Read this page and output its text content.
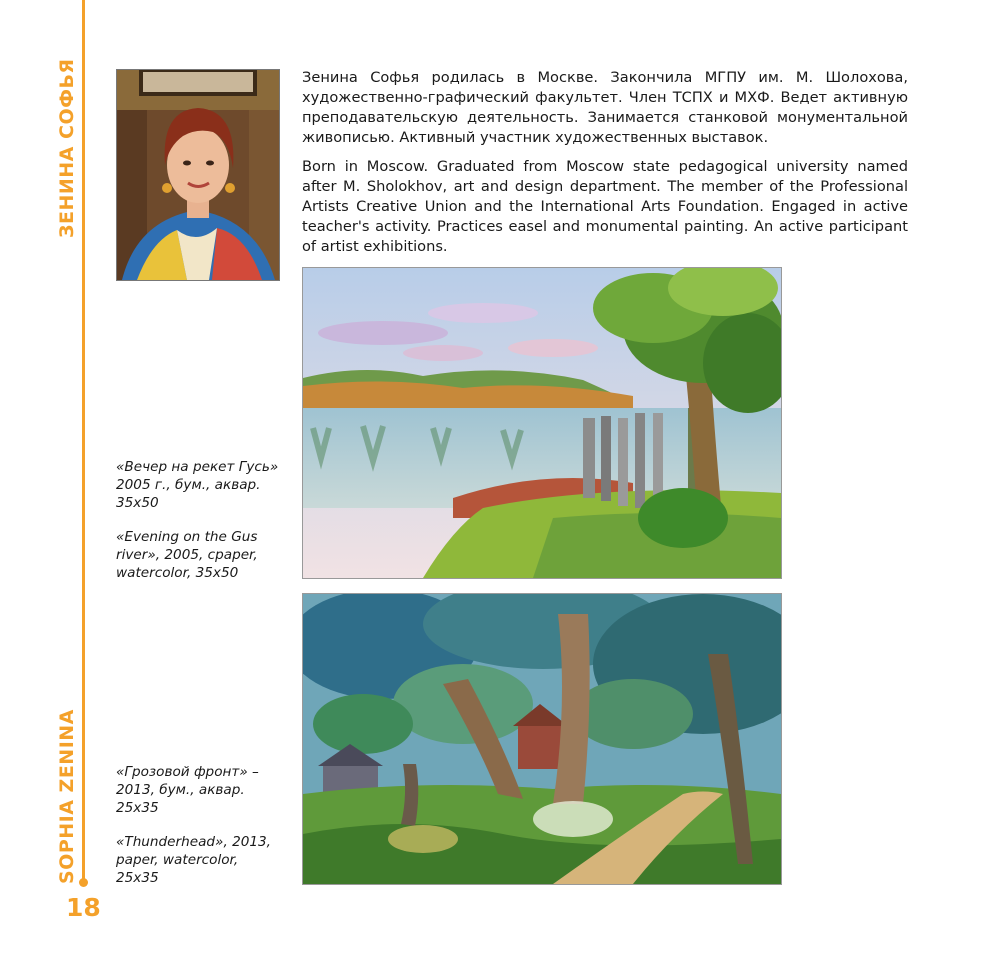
ЗЕНИНА СОФЬЯ
SOPHIA ZENINA
18

Зенина Софья родилась в Москве. Закончила МГПУ им. М. Шолохова, художественно-графический факультет. Член ТСПХ и МХФ. Ведет активную преподавательскую деятельность. Занимается станковой монументальной живописью. Активный участник художественных выставок.

Born in Moscow. Graduated from Moscow state pedagogical university named after M. Sholokhov, art and design department. The member of the Professional Artists Creative Union and the International Arts Foundation. Engaged in active teacher's activity. Practices easel and monumental painting. An active participant of artist exhibitions.

«Вечер на рекет Гусь»
2005 г., бум., аквар.
35x50
«Evening on the Gus
river», 2005, cpaper,
watercolor, 35x50
«Грозовой фронт» –
2013, бум., аквар.
25x35
«Thunderhead», 2013,
paper, watercolor,
25x35
